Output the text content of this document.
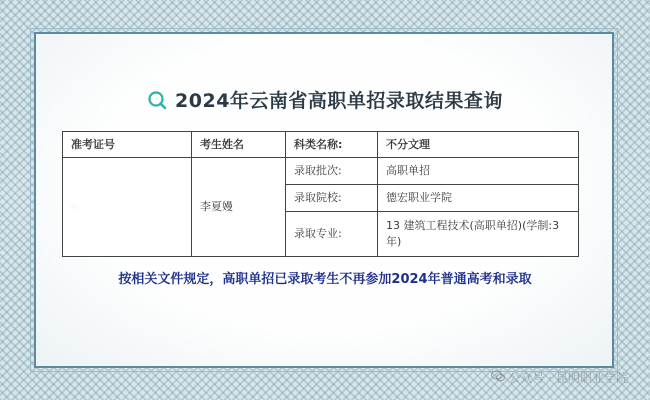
2024年云南省高职单招录取结果查询
准考证号	考生姓名	科类名称:	不分文理
··	李夏嫚	录取批次:	高职单招
		录取院校:	德宏职业学院
		录取专业:	13 建筑工程技术(高职单招)(学制:3年)
按相关文件规定，高职单招已录取考生不再参加2024年普通高考和录取
公众号 · 昆明职业学院
